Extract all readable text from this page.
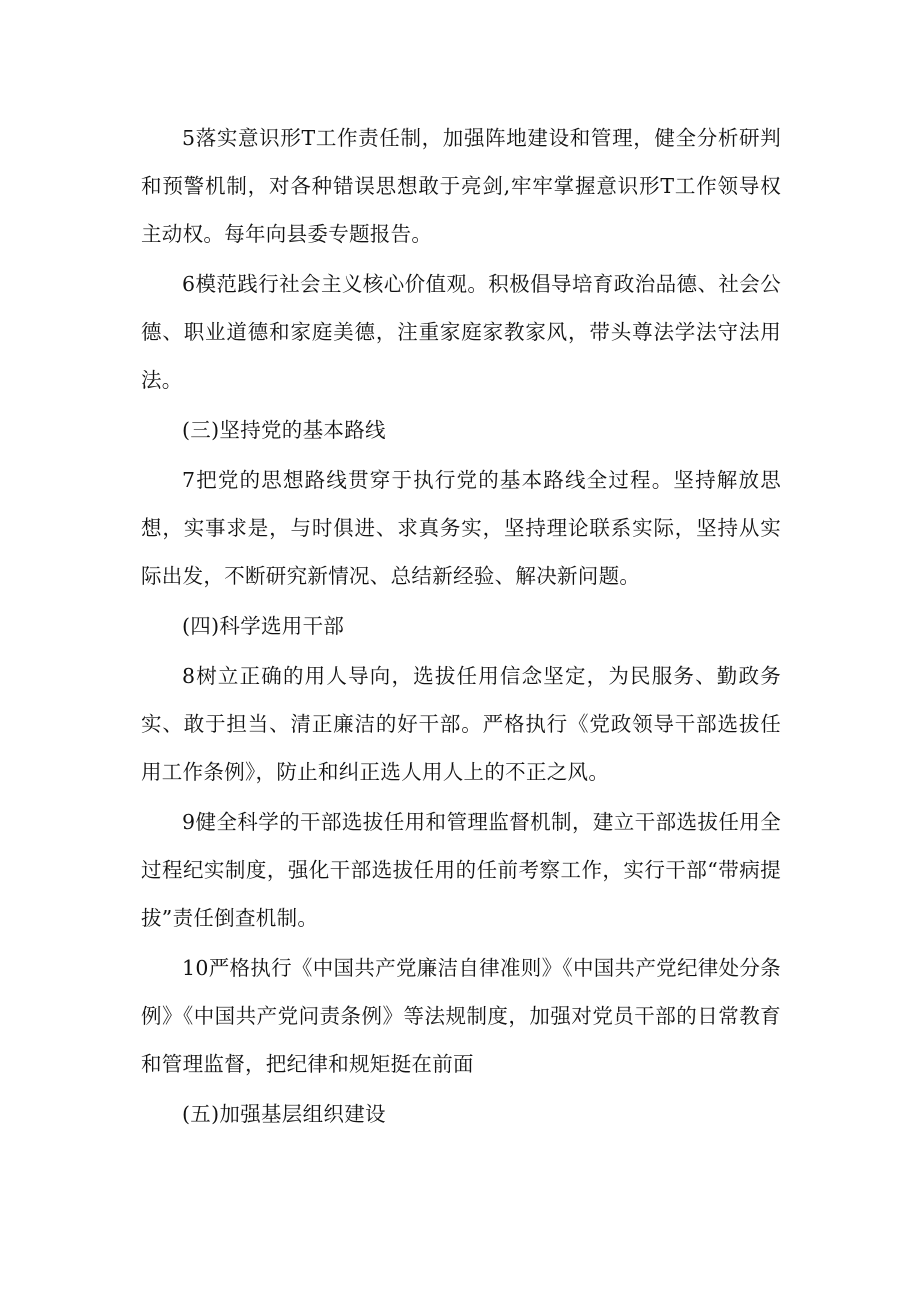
5落实意识形T工作责任制，加强阵地建设和管理，健全分析研判和预警机制，对各种错误思想敢于亮剑,牢牢掌握意识形T工作领导权主动权。每年向县委专题报告。

6模范践行社会主义核心价值观。积极倡导培育政治品德、社会公德、职业道德和家庭美德，注重家庭家教家风，带头尊法学法守法用法。

(三)坚持党的基本路线

7把党的思想路线贯穿于执行党的基本路线全过程。坚持解放思想，实事求是，与时俱进、求真务实，坚持理论联系实际，坚持从实际出发，不断研究新情况、总结新经验、解决新问题。

(四)科学选用干部

8树立正确的用人导向，选拔任用信念坚定，为民服务、勤政务实、敢于担当、清正廉洁的好干部。严格执行《党政领导干部选拔任用工作条例》，防止和纠正选人用人上的不正之风。

9健全科学的干部选拔任用和管理监督机制，建立干部选拔任用全过程纪实制度，强化干部选拔任用的任前考察工作，实行干部“带病提拔”责任倒查机制。

10严格执行《中国共产党廉洁自律准则》《中国共产党纪律处分条例》《中国共产党问责条例》等法规制度，加强对党员干部的日常教育和管理监督，把纪律和规矩挺在前面

(五)加强基层组织建设
